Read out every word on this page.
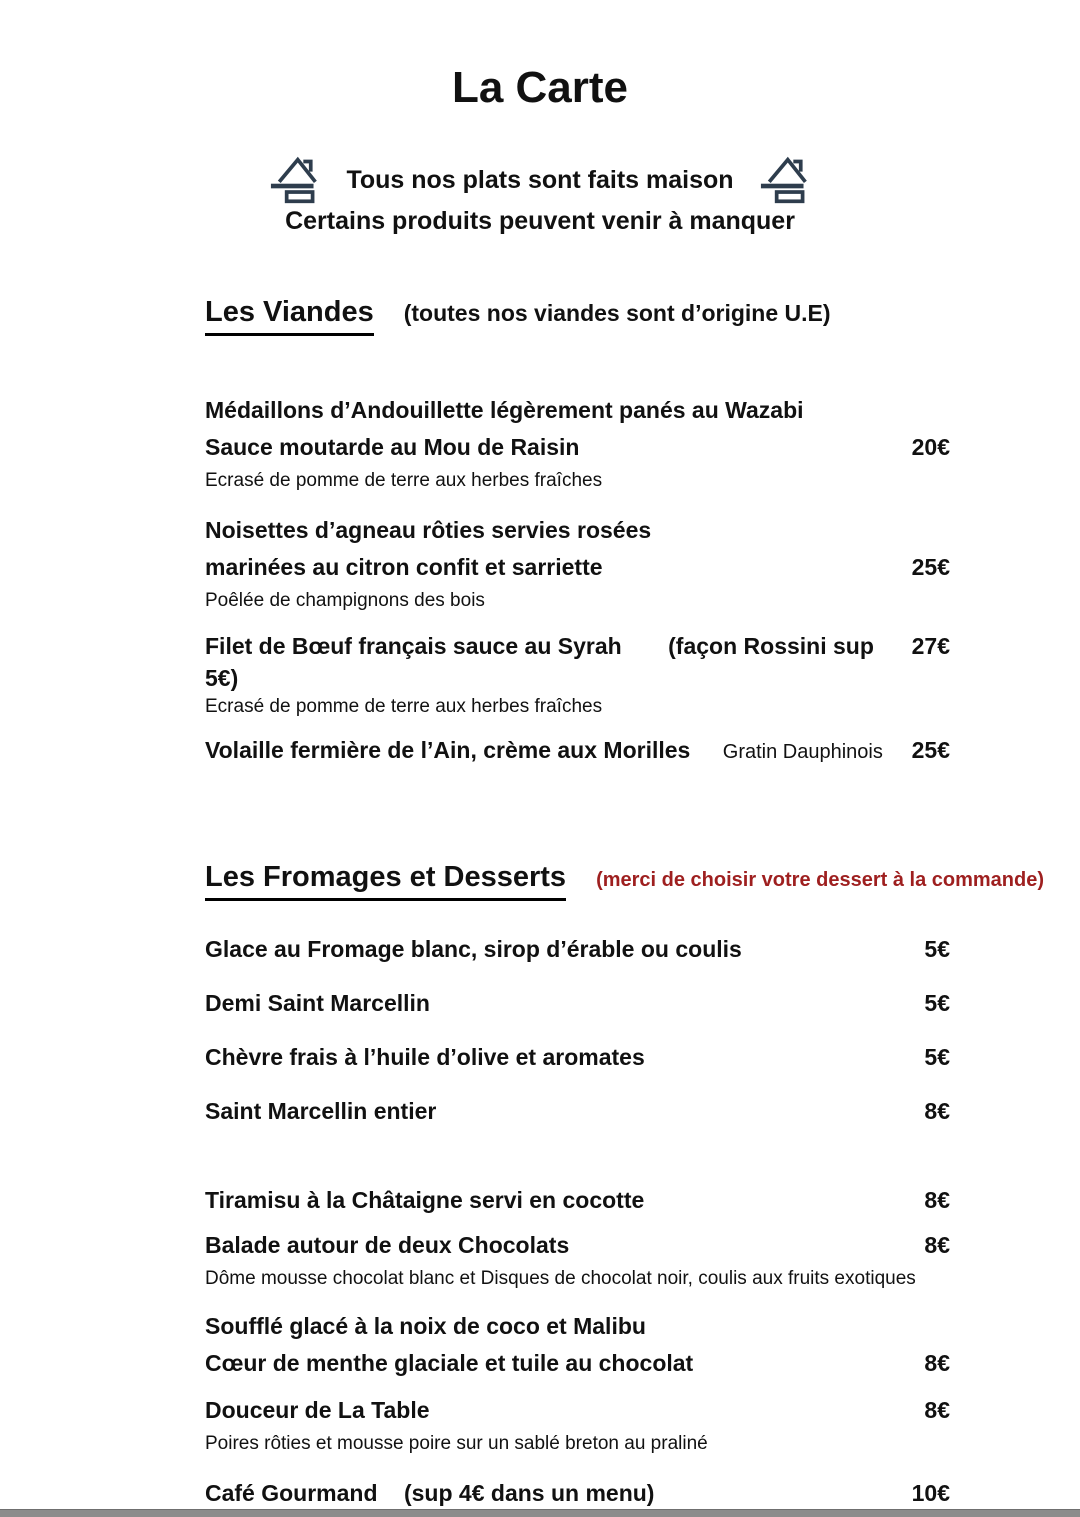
La Carte
Tous nos plats sont faits maison
Certains produits peuvent venir à manquer
Les Viandes (toutes nos viandes sont d’origine U.E)
Médaillons d’Andouillette légèrement panés au Wazabi
Sauce moutarde au Mou de Raisin	20€
Ecrasé de pomme de terre aux herbes fraîches
Noisettes d’agneau rôties servies rosées
marinées au citron confit et sarriette	25€
Poêlée de champignons des bois
Filet de Bœuf français sauce au Syrah (façon Rossini sup 5€)
27€
Ecrasé de pomme de terre aux herbes fraîches
Volaille fermière de l’Ain, crème aux Morilles Gratin Dauphinois 25€
Les Fromages et Desserts (merci de choisir votre dessert à la commande)
Glace au Fromage blanc, sirop d’érable ou coulis	5€
Demi Saint Marcellin	5€
Chèvre frais à l’huile d’olive et aromates	5€
Saint Marcellin entier	8€
Tiramisu à la Châtaigne servi en cocotte	8€
Balade autour de deux Chocolats	8€
Dôme mousse chocolat blanc et Disques de chocolat noir, coulis aux fruits exotiques
Soufflé glacé à la noix de coco et Malibu
Cœur de menthe glaciale et tuile au chocolat	8€
Douceur de La Table	8€
Poires rôties et mousse poire sur un sablé breton au praliné
Café Gourmand (sup 4€ dans un menu)	10€
